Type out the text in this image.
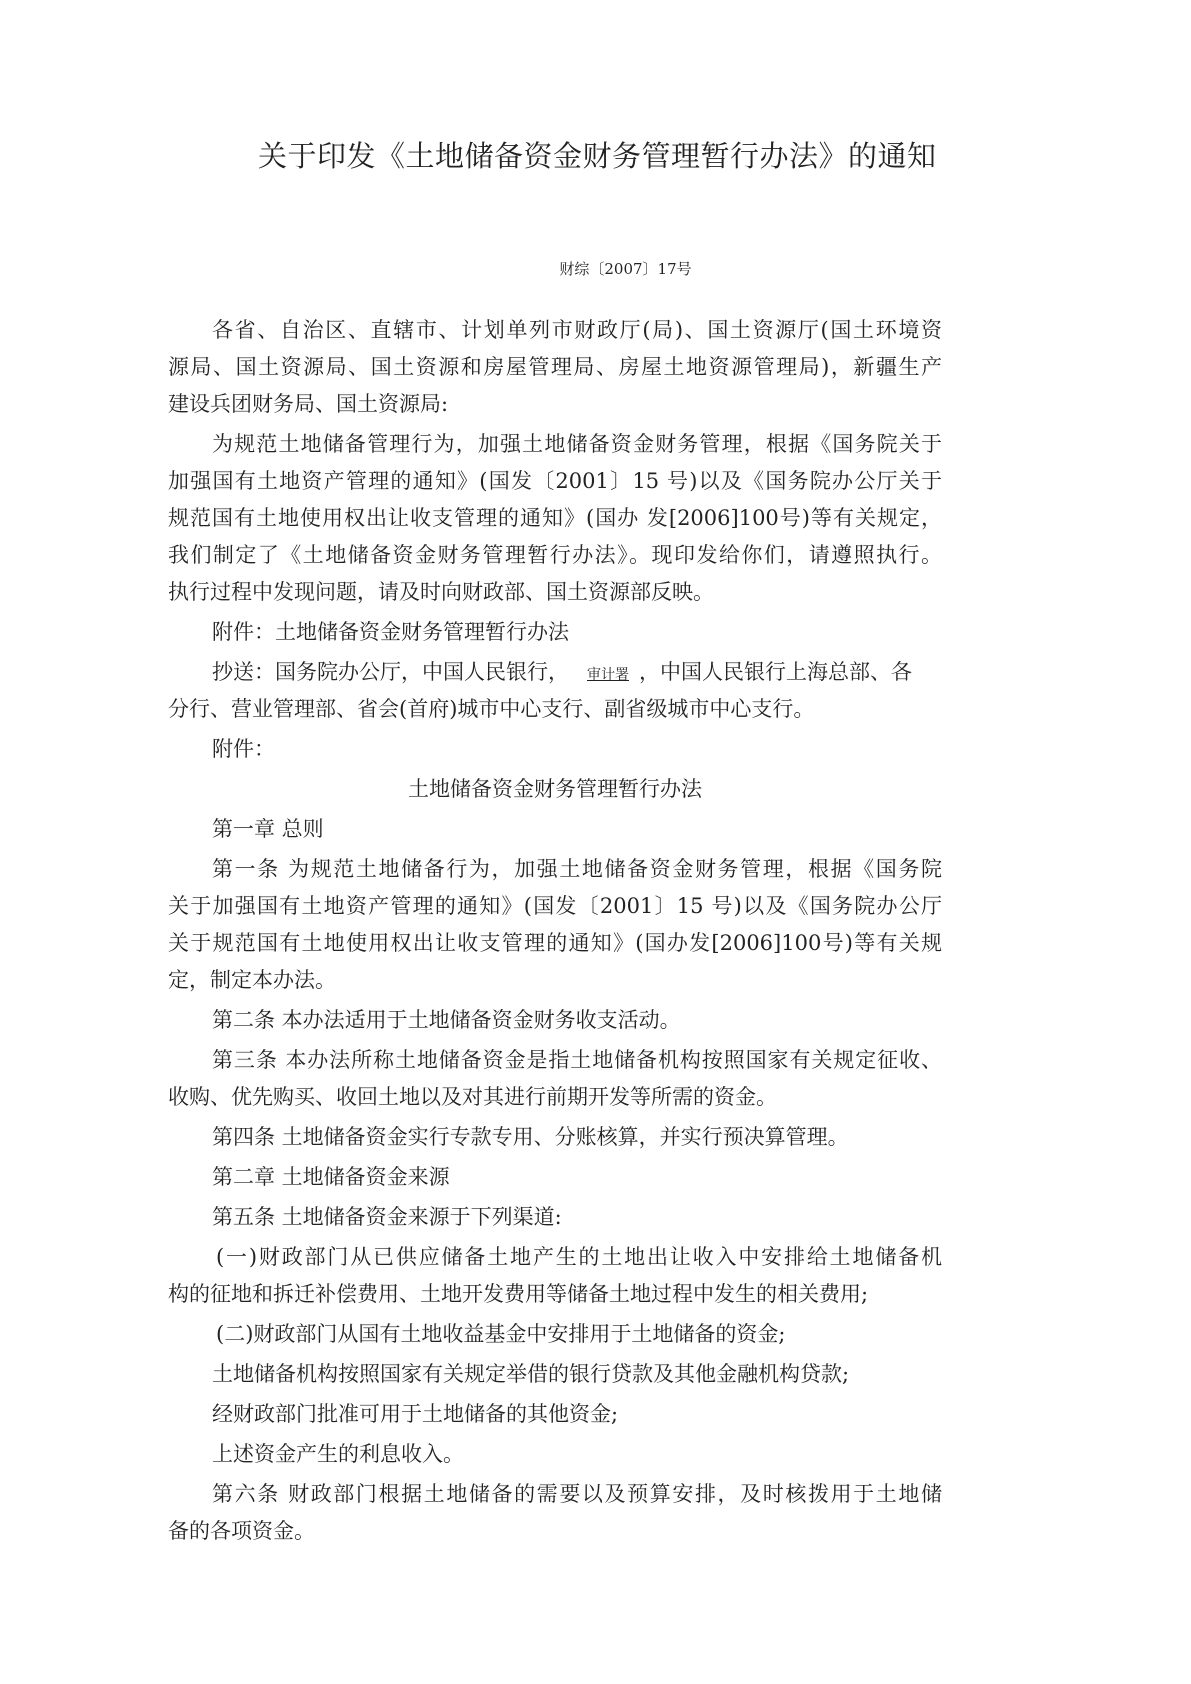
关于印发《土地储备资金财务管理暂行办法》的通知
财综〔2007〕17号
各省、自治区、直辖市、计划单列市财政厅(局)、国土资源厅(国土环境资
源局、国土资源局、国土资源和房屋管理局、房屋土地资源管理局)，新疆生产
建设兵团财务局、国土资源局:
为规范土地储备管理行为，加强土地储备资金财务管理，根据《国务院关于
加强国有土地资产管理的通知》(国发〔2001〕15 号)以及《国务院办公厅关于
规范国有土地使用权出让收支管理的通知》(国办 发[2006]100号)等有关规定，
我们制定了《土地储备资金财务管理暂行办法》。现印发给你们，请遵照执行。
执行过程中发现问题，请及时向财政部、国土资源部反映。
附件：土地储备资金财务管理暂行办法
抄送：国务院办公厅，中国人民银行， 审计署 ，中国人民银行上海总部、各
分行、营业管理部、省会(首府)城市中心支行、副省级城市中心支行。
附件：
土地储备资金财务管理暂行办法
第一章 总则
第一条 为规范土地储备行为，加强土地储备资金财务管理，根据《国务院
关于加强国有土地资产管理的通知》(国发〔2001〕15 号)以及《国务院办公厅
关于规范国有土地使用权出让收支管理的通知》(国办发[2006]100号)等有关规
定，制定本办法。
第二条 本办法适用于土地储备资金财务收支活动。
第三条 本办法所称土地储备资金是指土地储备机构按照国家有关规定征收、
收购、优先购买、收回土地以及对其进行前期开发等所需的资金。
第四条 土地储备资金实行专款专用、分账核算，并实行预决算管理。
第二章 土地储备资金来源
第五条 土地储备资金来源于下列渠道:
(一)财政部门从已供应储备土地产生的土地出让收入中安排给土地储备机
构的征地和拆迁补偿费用、土地开发费用等储备土地过程中发生的相关费用;
(二)财政部门从国有土地收益基金中安排用于土地储备的资金;
土地储备机构按照国家有关规定举借的银行贷款及其他金融机构贷款;
经财政部门批准可用于土地储备的其他资金;
上述资金产生的利息收入。
第六条 财政部门根据土地储备的需要以及预算安排，及时核拨用于土地储
备的各项资金。
